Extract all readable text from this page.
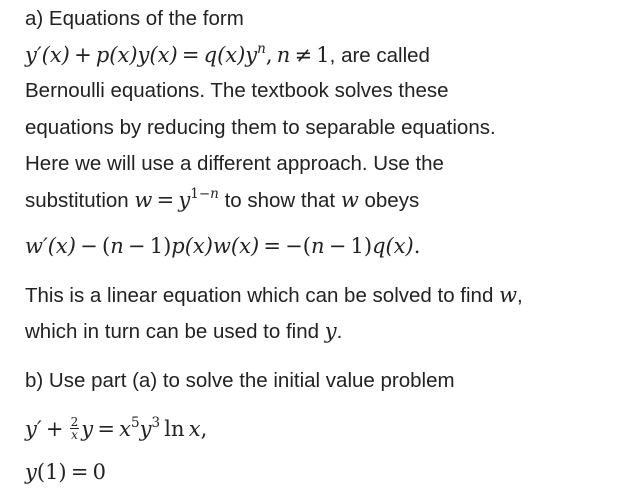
a) Equations of the form
$y'(x) + p(x)y(x) = q(x)y^n$, n ≠  1, are called
Bernoulli equations. The textbook solves these
equations by reducing them to separable equations.
Here we will use a different approach. Use the
substitution $w = y^{1-n}$ to show that w obeys
w′(x) −  (n −  1)p(x)w(x) =  −(n −  1)q(x).
This is a linear equation which can be solved to find w,
which in turn can be used to find y.
b) Use part (a) to solve the initial value problem
$y' + \frac{2}{x}$ $y = x^5y^3$  ln x,
y(1)  =  0
